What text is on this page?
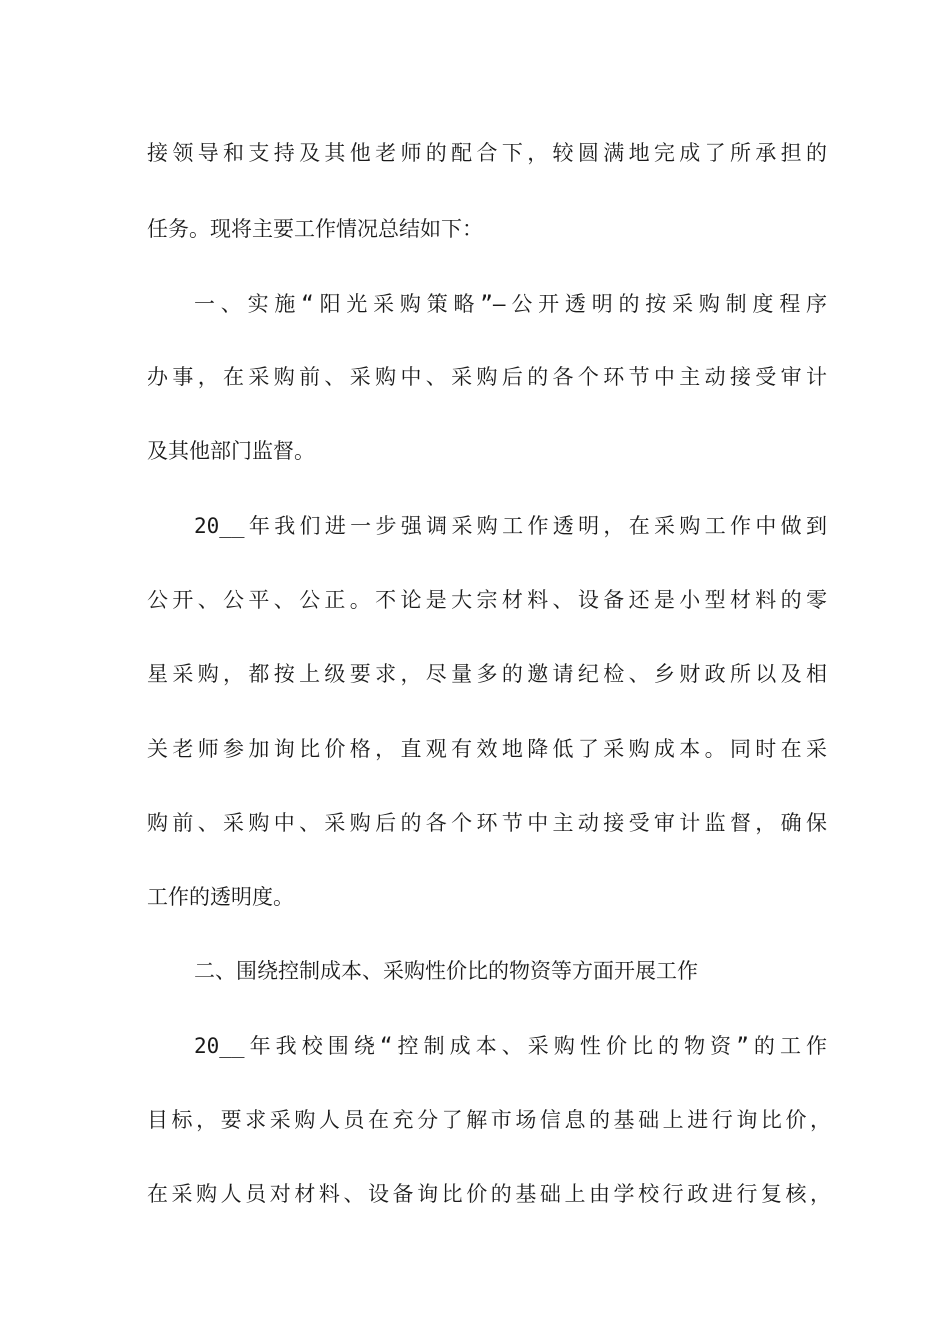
接领导和支持及其他老师的配合下，较圆满地完成了所承担的
任务。现将主要工作情况总结如下：
一、实施“阳光采购策略”—公开透明的按采购制度程序
办事，在采购前、采购中、采购后的各个环节中主动接受审计
及其他部门监督。
20__年我们进一步强调采购工作透明，在采购工作中做到
公开、公平、公正。不论是大宗材料、设备还是小型材料的零
星采购，都按上级要求，尽量多的邀请纪检、乡财政所以及相
关老师参加询比价格，直观有效地降低了采购成本。同时在采
购前、采购中、采购后的各个环节中主动接受审计监督，确保
工作的透明度。
二、围绕控制成本、采购性价比的物资等方面开展工作
20__年我校围绕“控制成本、采购性价比的物资”的工作
目标，要求采购人员在充分了解市场信息的基础上进行询比价，
在采购人员对材料、设备询比价的基础上由学校行政进行复核，
